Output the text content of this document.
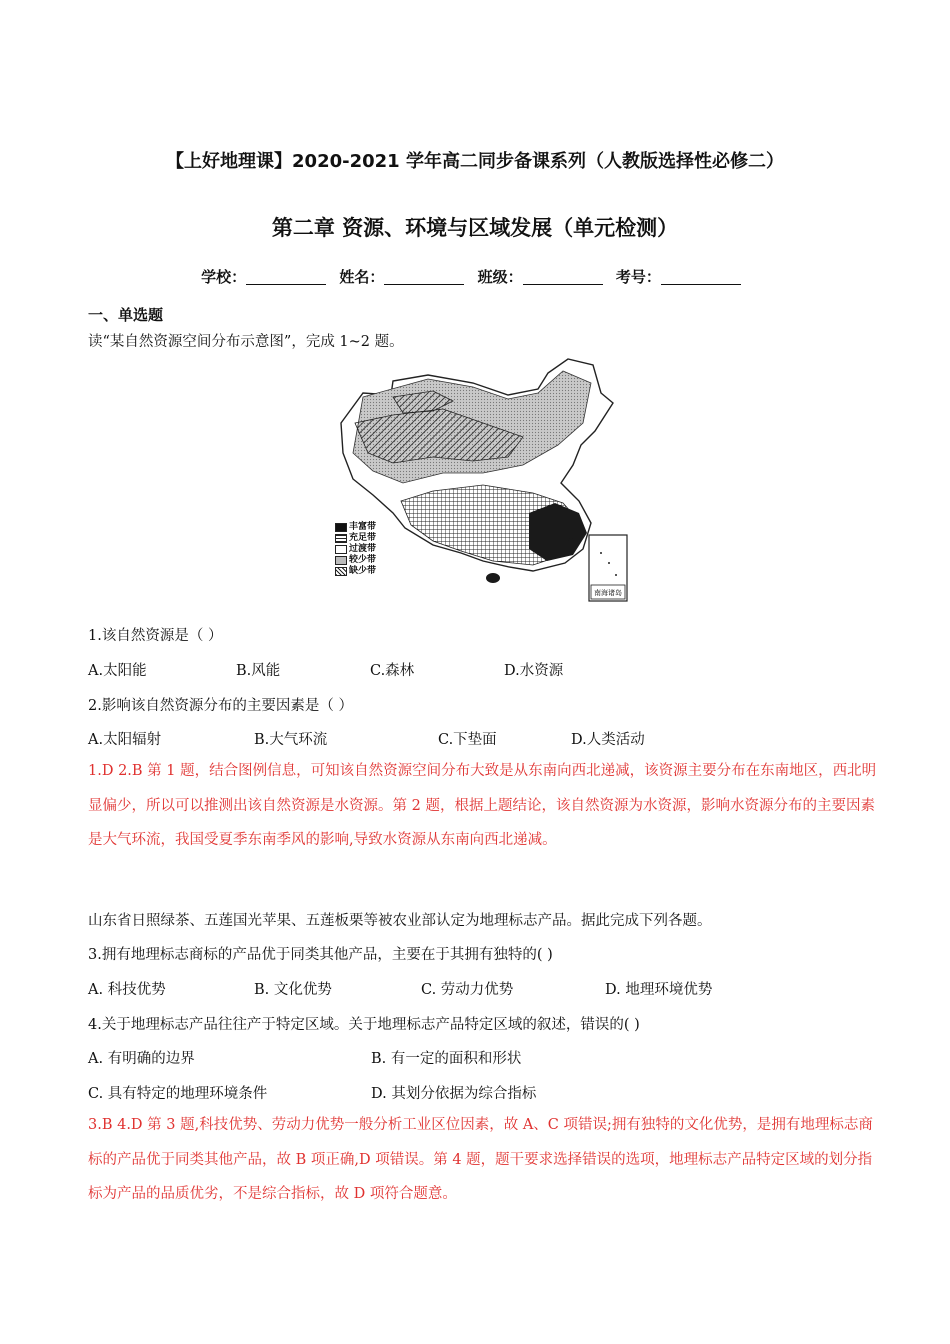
【上好地理课】2020-2021 学年高二同步备课系列（人教版选择性必修二）
第二章 资源、环境与区域发展（单元检测）
学校：	姓名：	班级：	考号：
一、单选题
读“某自然资源空间分布示意图”，完成 1~2 题。
南海诸岛
丰富带
充足带
过渡带
较少带
缺少带
1.该自然资源是（ ）
A.太阳能	B.风能	C.森林	D.水资源
2.影响该自然资源分布的主要因素是（ ）
A.太阳辐射	B.大气环流	C.下垫面	D.人类活动
1.D 2.B 第 1 题，结合图例信息，可知该自然资源空间分布大致是从东南向西北递减，该资源主要分布在东南地区，西北明显偏少，所以可以推测出该自然资源是水资源。第 2 题，根据上题结论，该自然资源为水资源，影响水资源分布的主要因素是大气环流，我国受夏季东南季风的影响,导致水资源从东南向西北递减。
山东省日照绿茶、五莲国光苹果、五莲板栗等被农业部认定为地理标志产品。据此完成下列各题。
3.拥有地理标志商标的产品优于同类其他产品，主要在于其拥有独特的( )
A. 科技优势	B. 文化优势	C. 劳动力优势	D. 地理环境优势
4.关于地理标志产品往往产于特定区域。关于地理标志产品特定区域的叙述，错误的( )
A. 有明确的边界	B. 有一定的面积和形状
C. 具有特定的地理环境条件	D. 其划分依据为综合指标
3.B 4.D 第 3 题,科技优势、劳动力优势一般分析工业区位因素，故 A、C 项错误;拥有独特的文化优势，是拥有地理标志商标的产品优于同类其他产品，故 B 项正确,D 项错误。第 4 题，题干要求选择错误的选项，地理标志产品特定区域的划分指标为产品的品质优劣，不是综合指标，故 D 项符合题意。
